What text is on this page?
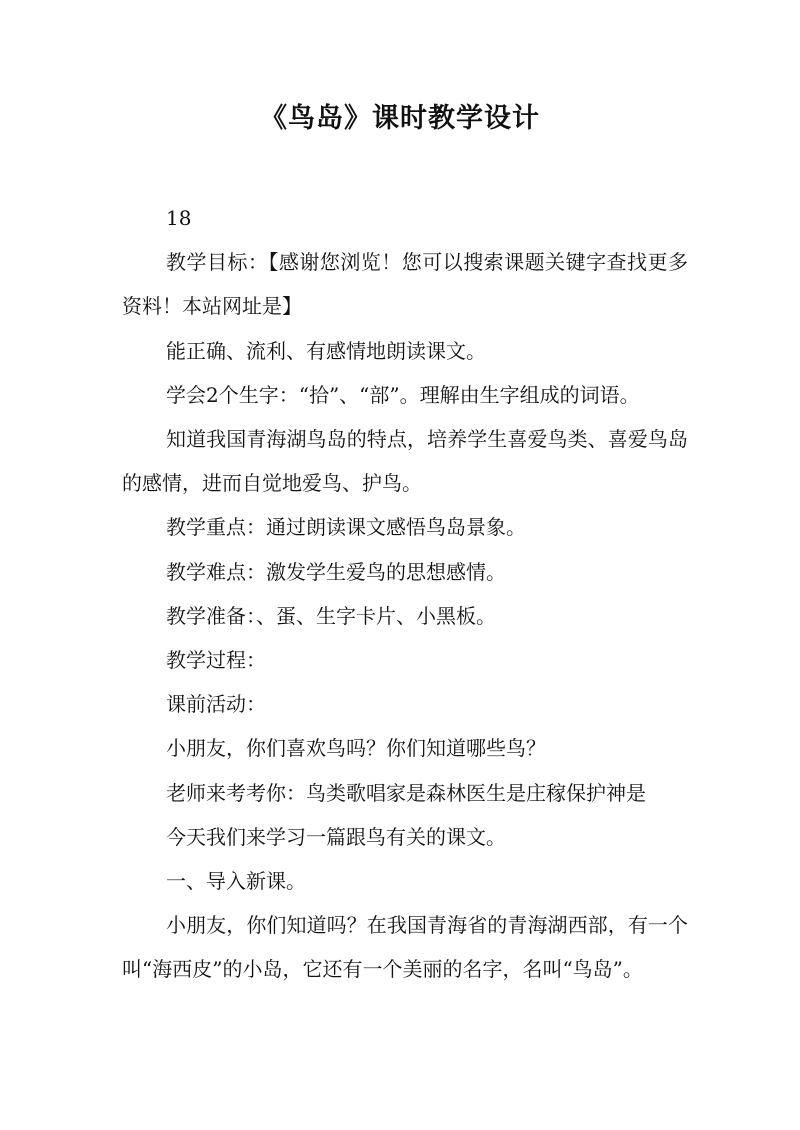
《鸟岛》课时教学设计

18

教学目标：【感谢您浏览！您可以搜索课题关键字查找更多资料！本站网址是】

能正确、流利、有感情地朗读课文。

学会2个生字：“拾”、“部”。理解由生字组成的词语。

知道我国青海湖鸟岛的特点，培养学生喜爱鸟类、喜爱鸟岛的感情，进而自觉地爱鸟、护鸟。

教学重点：通过朗读课文感悟鸟岛景象。

教学难点：激发学生爱鸟的思想感情。

教学准备：、蛋、生字卡片、小黑板。

教学过程：

课前活动：

小朋友，你们喜欢鸟吗？你们知道哪些鸟？

老师来考考你：鸟类歌唱家是森林医生是庄稼保护神是

今天我们来学习一篇跟鸟有关的课文。

一、导入新课。

小朋友，你们知道吗？在我国青海省的青海湖西部，有一个叫“海西皮”的小岛，它还有一个美丽的名字，名叫“鸟岛”。
